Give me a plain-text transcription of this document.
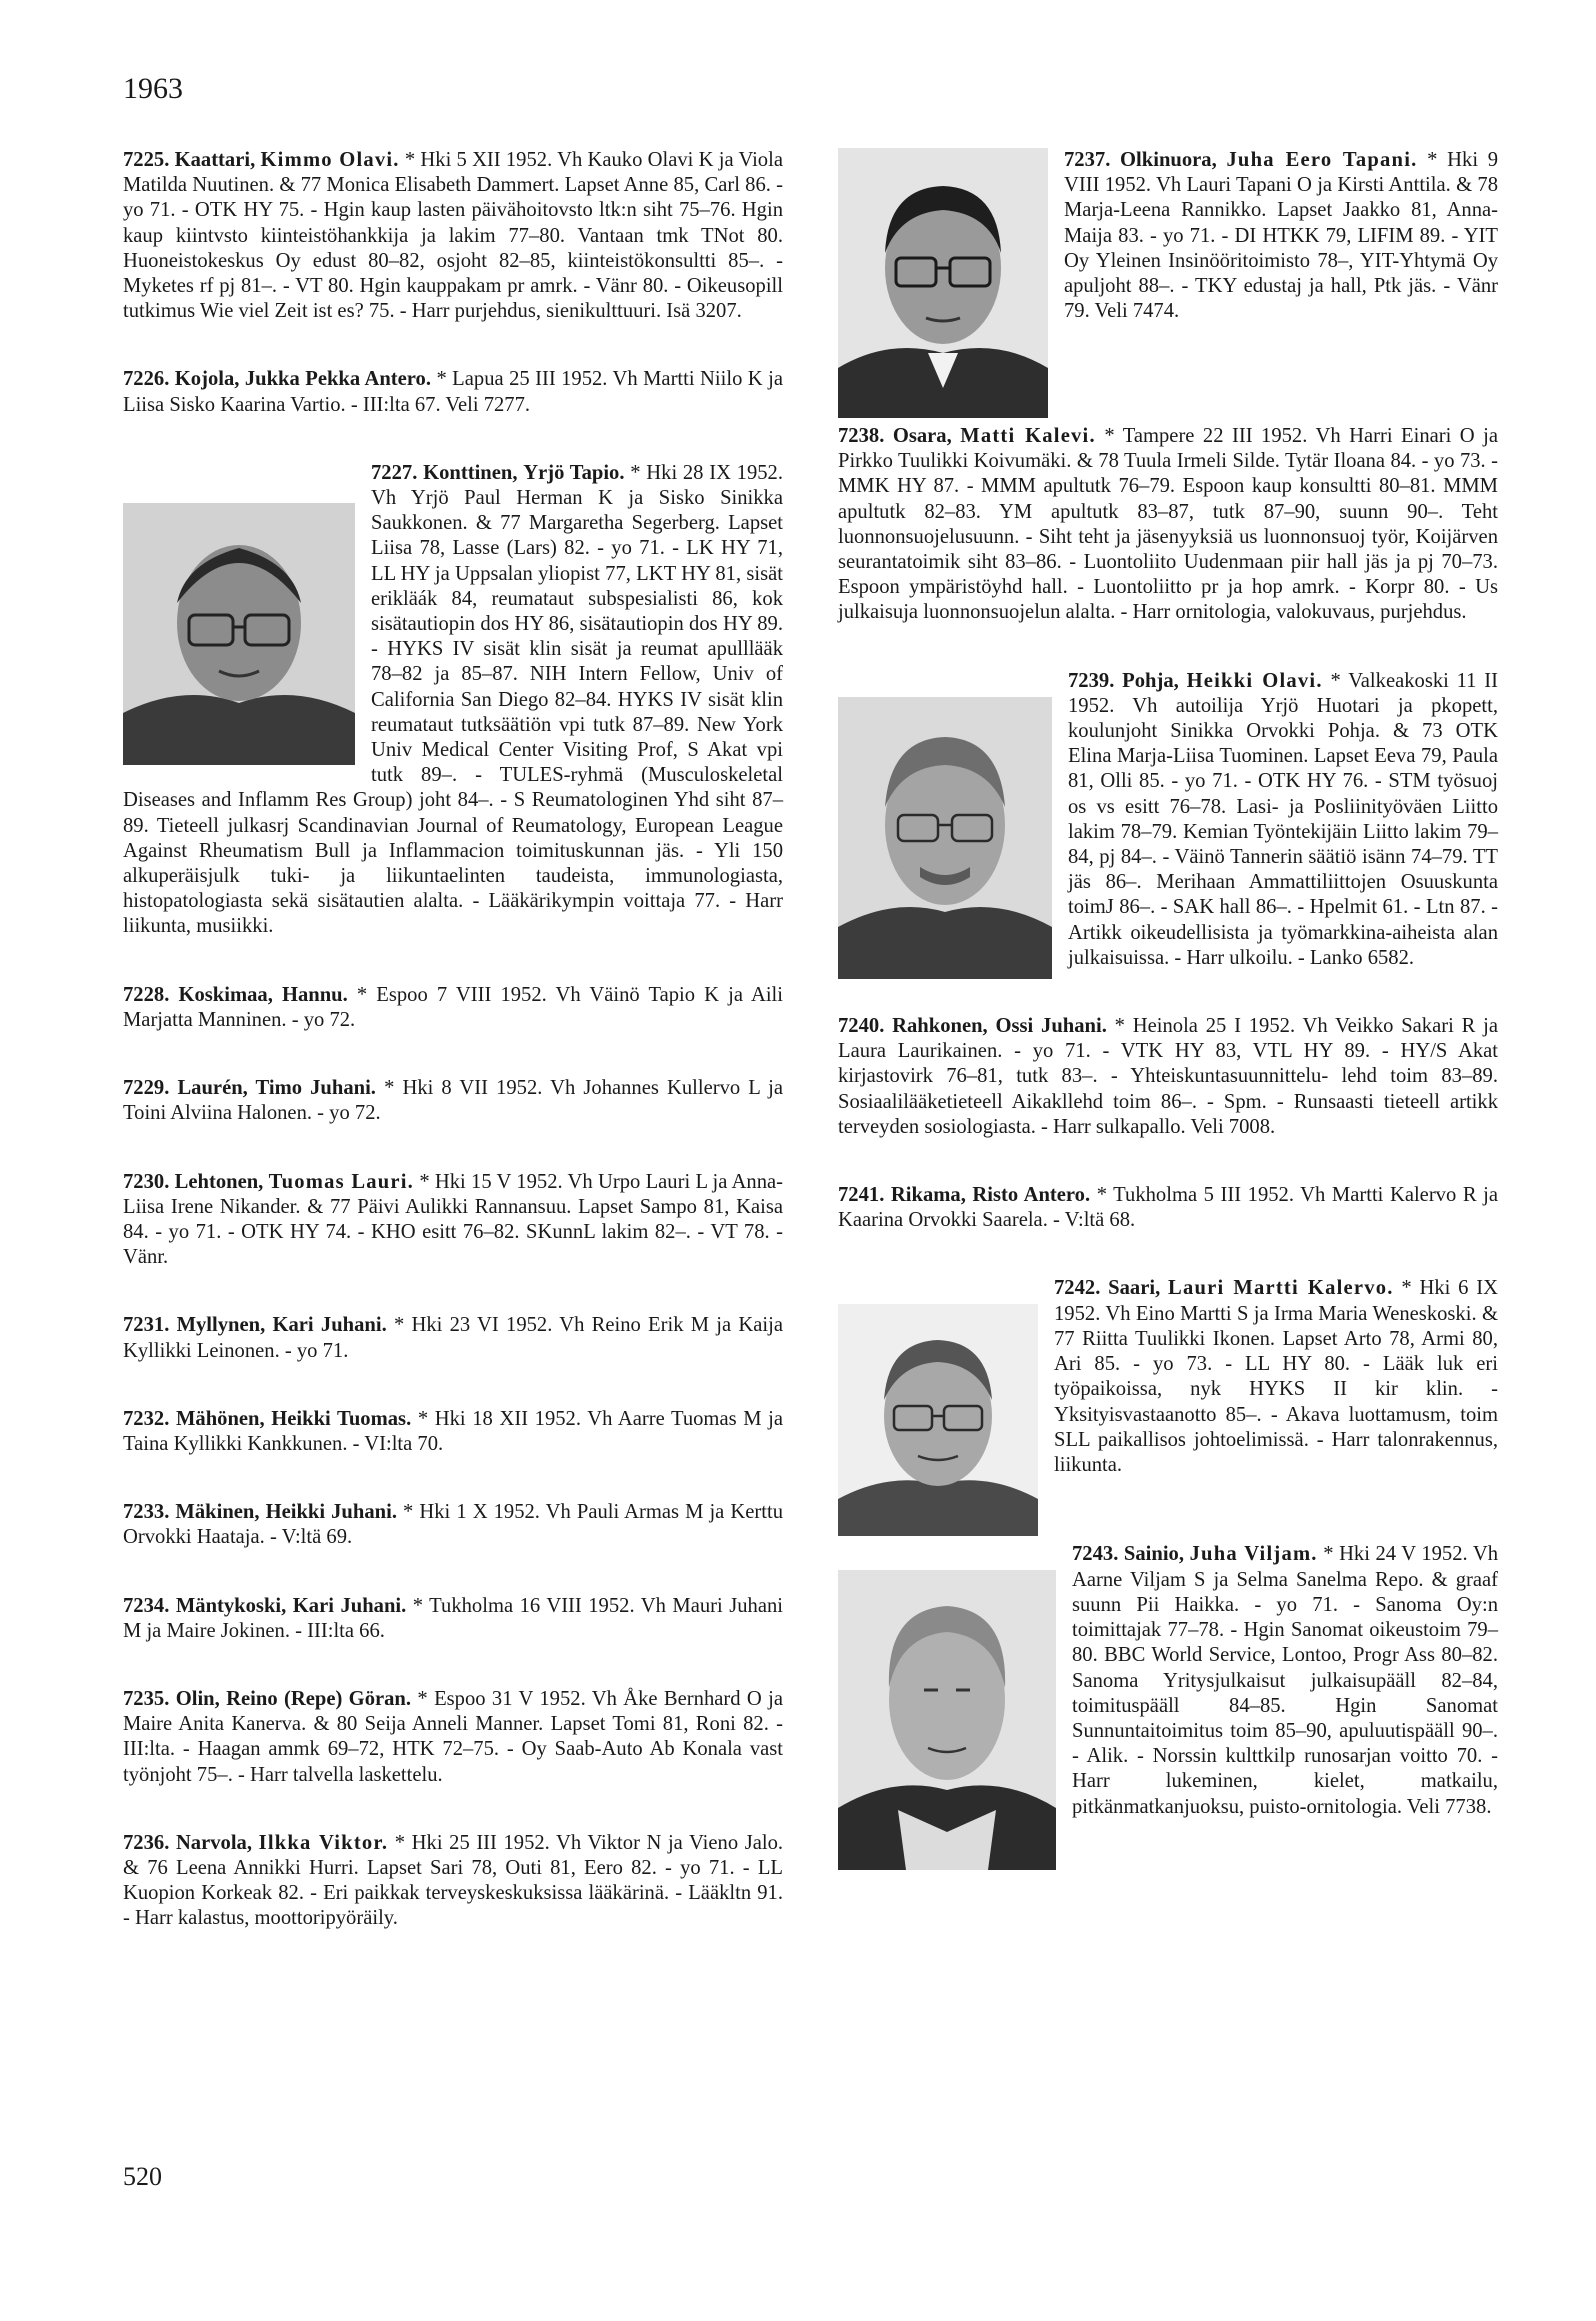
1963
7225. Kaattari, Kimmo Olavi. * Hki 5 XII 1952. Vh Kauko Olavi K ja Viola Matilda Nuutinen. & 77 Monica Elisabeth Dammert. Lapset Anne 85, Carl 86. - yo 71. - OTK HY 75. - Hgin kaup lasten päivähoitovsto ltk:n siht 75–76. Hgin kaup kiintvsto kiinteistöhankkija ja lakim 77–80. Vantaan tmk TNot 80. Huoneistokeskus Oy edust 80–82, osjoht 82–85, kiinteistökonsultti 85–. - Myketes rf pj 81–. - VT 80. Hgin kauppakam pr amrk. - Vänr 80. - Oikeusopill tutkimus Wie viel Zeit ist es? 75. - Harr purjehdus, sienikulttuuri. Isä 3207.
7226. Kojola, Jukka Pekka Antero. * Lapua 25 III 1952. Vh Martti Niilo K ja Liisa Sisko Kaarina Vartio. - III:lta 67. Veli 7277.
7227. Konttinen, Yrjö Tapio. * Hki 28 IX 1952. Vh Yrjö Paul Herman K ja Sisko Sinikka Saukkonen. & 77 Margaretha Segerberg. Lapset Liisa 78, Lasse (Lars) 82. - yo 71. - LK HY 71, LL HY ja Uppsalan yliopist 77, LKT HY 81, sisät erikläák 84, reumataut subspesialisti 86, kok sisätautiopin dos HY 86, sisätautiopin dos HY 89. - HYKS IV sisät klin sisät ja reumat apulllääk 78–82 ja 85–87. NIH Intern Fellow, Univ of California San Diego 82–84. HYKS IV sisät klin reumataut tutksäätiön vpi tutk 87–89. New York Univ Medical Center Visiting Prof, S Akat vpi tutk 89–. - TULES-ryhmä (Musculoskeletal Diseases and Inflamm Res Group) joht 84–. - S Reumatologinen Yhd siht 87–89. Tieteell julkasrj Scandinavian Journal of Reumatology, European League Against Rheumatism Bull ja Inflammacion toimituskunnan jäs. - Yli 150 alkuperäisjulk tuki- ja liikuntaelinten taudeista, immunologiasta, histopatologiasta sekä sisätautien alalta. - Lääkärikympin voittaja 77. - Harr liikunta, musiikki.
7228. Koskimaa, Hannu. * Espoo 7 VIII 1952. Vh Väinö Tapio K ja Aili Marjatta Manninen. - yo 72.
7229. Laurén, Timo Juhani. * Hki 8 VII 1952. Vh Johannes Kullervo L ja Toini Alviina Halonen. - yo 72.
7230. Lehtonen, Tuomas Lauri. * Hki 15 V 1952. Vh Urpo Lauri L ja Anna-Liisa Irene Nikander. & 77 Päivi Aulikki Rannansuu. Lapset Sampo 81, Kaisa 84. - yo 71. - OTK HY 74. - KHO esitt 76–82. SKunnL lakim 82–. - VT 78. - Vänr.
7231. Myllynen, Kari Juhani. * Hki 23 VI 1952. Vh Reino Erik M ja Kaija Kyllikki Leinonen. - yo 71.
7232. Mähönen, Heikki Tuomas. * Hki 18 XII 1952. Vh Aarre Tuomas M ja Taina Kyllikki Kankkunen. - VI:lta 70.
7233. Mäkinen, Heikki Juhani. * Hki 1 X 1952. Vh Pauli Armas M ja Kerttu Orvokki Haataja. - V:ltä 69.
7234. Mäntykoski, Kari Juhani. * Tukholma 16 VIII 1952. Vh Mauri Juhani M ja Maire Jokinen. - III:lta 66.
7235. Olin, Reino (Repe) Göran. * Espoo 31 V 1952. Vh Åke Bernhard O ja Maire Anita Kanerva. & 80 Seija Anneli Manner. Lapset Tomi 81, Roni 82. - III:lta. - Haagan ammk 69–72, HTK 72–75. - Oy Saab-Auto Ab Konala vast työnjoht 75–. - Harr talvella laskettelu.
7236. Narvola, Ilkka Viktor. * Hki 25 III 1952. Vh Viktor N ja Vieno Jalo. & 76 Leena Annikki Hurri. Lapset Sari 78, Outi 81, Eero 82. - yo 71. - LL Kuopion Korkeak 82. - Eri paikkak terveyskeskuksissa lääkärinä. - Lääkltn 91. - Harr kalastus, moottoripyöräily.
7237. Olkinuora, Juha Eero Tapani. * Hki 9 VIII 1952. Vh Lauri Tapani O ja Kirsti Anttila. & 78 Marja-Leena Rannikko. Lapset Jaakko 81, Anna-Maija 83. - yo 71. - DI HTKK 79, LIFIM 89. - YIT Oy Yleinen Insinööritoimisto 78–, YIT-Yhtymä Oy apuljoht 88–. - TKY edustaj ja hall, Ptk jäs. - Vänr 79. Veli 7474.
7238. Osara, Matti Kalevi. * Tampere 22 III 1952. Vh Harri Einari O ja Pirkko Tuulikki Koivumäki. & 78 Tuula Irmeli Silde. Tytär Iloana 84. - yo 73. - MMK HY 87. - MMM apultutk 76–79. Espoon kaup konsultti 80–81. MMM apultutk 82–83. YM apultutk 83–87, tutk 87–90, suunn 90–. Teht luonnonsuojelusuunn. - Siht teht ja jäsenyyksiä us luonnonsuoj työr, Koijärven seurantatoimik siht 83–86. - Luontoliito Uudenmaan piir hall jäs ja pj 70–73. Espoon ympäristöyhd hall. - Luontoliitto pr ja hop amrk. - Korpr 80. - Us julkaisuja luonnonsuojelun alalta. - Harr ornitologia, valokuvaus, purjehdus.
7239. Pohja, Heikki Olavi. * Valkeakoski 11 II 1952. Vh autoilija Yrjö Huotari ja pkopett, koulunjoht Sinikka Orvokki Pohja. & 73 OTK Elina Marja-Liisa Tuominen. Lapset Eeva 79, Paula 81, Olli 85. - yo 71. - OTK HY 76. - STM työsuoj os vs esitt 76–78. Lasi- ja Posliinityöväen Liitto lakim 78–79. Kemian Työntekijäin Liitto lakim 79–84, pj 84–. - Väinö Tannerin säätiö isänn 74–79. TT jäs 86–. Merihaan Ammattiliittojen Osuuskunta toimJ 86–. - SAK hall 86–. - Hpelmit 61. - Ltn 87. - Artikk oikeudellisista ja työmarkkina-aiheista alan julkaisuissa. - Harr ulkoilu. - Lanko 6582.
7240. Rahkonen, Ossi Juhani. * Heinola 25 I 1952. Vh Veikko Sakari R ja Laura Laurikainen. - yo 71. - VTK HY 83, VTL HY 89. - HY/S Akat kirjastovirk 76–81, tutk 83–. - Yhteiskuntasuunnittelu- lehd toim 83–89. Sosiaalilääketieteell Aikakllehd toim 86–. - Spm. - Runsaasti tieteell artikk terveyden sosiologiasta. - Harr sulkapallo. Veli 7008.
7241. Rikama, Risto Antero. * Tukholma 5 III 1952. Vh Martti Kalervo R ja Kaarina Orvokki Saarela. - V:ltä 68.
7242. Saari, Lauri Martti Kalervo. * Hki 6 IX 1952. Vh Eino Martti S ja Irma Maria Weneskoski. & 77 Riitta Tuulikki Ikonen. Lapset Arto 78, Armi 80, Ari 85. - yo 73. - LL HY 80. - Lääk luk eri työpaikoissa, nyk HYKS II kir klin. - Yksityisvastaanotto 85–. - Akava luottamusm, toim SLL paikallisos johtoelimissä. - Harr talonrakennus, liikunta.
7243. Sainio, Juha Viljam. * Hki 24 V 1952. Vh Aarne Viljam S ja Selma Sanelma Repo. & graaf suunn Pii Haikka. - yo 71. - Sanoma Oy:n toimittajak 77–78. - Hgin Sanomat oikeustoim 79–80. BBC World Service, Lontoo, Progr Ass 80–82. Sanoma Yritysjulkaisut julkaisupääll 82–84, toimituspääll 84–85. Hgin Sanomat Sunnuntaitoimitus toim 85–90, apuluutispääll 90–. - Alik. - Norssin kulttkilp runosarjan voitto 70. - Harr lukeminen, kielet, matkailu, pitkänmatkanjuoksu, puisto-ornitologia. Veli 7738.
520
